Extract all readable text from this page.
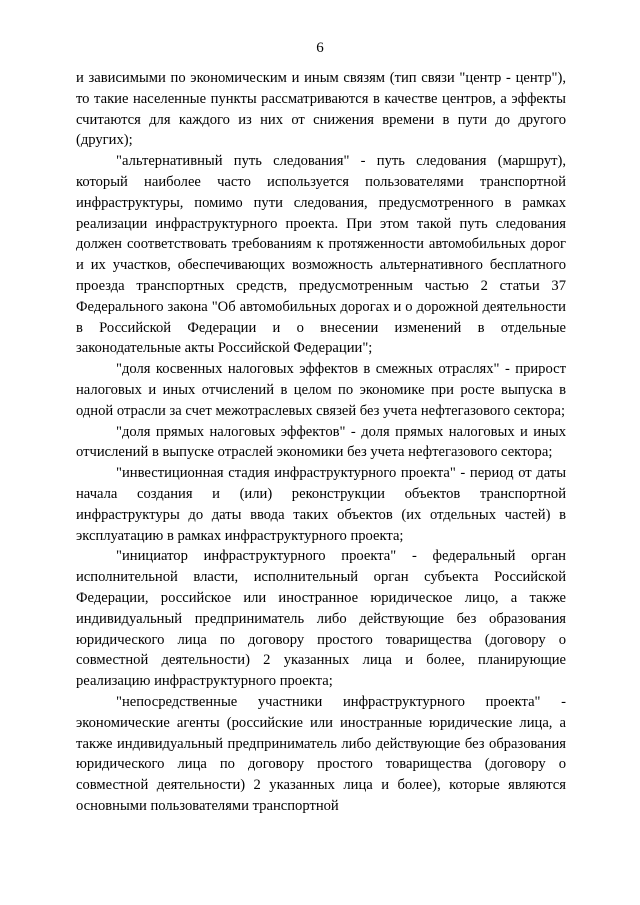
6

и зависимыми по экономическим и иным связям (тип связи "центр - центр"), то такие населенные пункты рассматриваются в качестве центров, а эффекты считаются для каждого из них от снижения времени в пути до другого (других);

"альтернативный путь следования" - путь следования (маршрут), который наиболее часто используется пользователями транспортной инфраструктуры, помимо пути следования, предусмотренного в рамках реализации инфраструктурного проекта. При этом такой путь следования должен соответствовать требованиям к протяженности автомобильных дорог и их участков, обеспечивающих возможность альтернативного бесплатного проезда транспортных средств, предусмотренным частью 2 статьи 37 Федерального закона "Об автомобильных дорогах и о дорожной деятельности в Российской Федерации и о внесении изменений в отдельные законодательные акты Российской Федерации";

"доля косвенных налоговых эффектов в смежных отраслях" - прирост налоговых и иных отчислений в целом по экономике при росте выпуска в одной отрасли за счет межотраслевых связей без учета нефтегазового сектора;

"доля прямых налоговых эффектов" - доля прямых налоговых и иных отчислений в выпуске отраслей экономики без учета нефтегазового сектора;

"инвестиционная стадия инфраструктурного проекта" - период от даты начала создания и (или) реконструкции объектов транспортной инфраструктуры до даты ввода таких объектов (их отдельных частей) в эксплуатацию в рамках инфраструктурного проекта;

"инициатор инфраструктурного проекта" - федеральный орган исполнительной власти, исполнительный орган субъекта Российской Федерации, российское или иностранное юридическое лицо, а также индивидуальный предприниматель либо действующие без образования юридического лица по договору простого товарищества (договору о совместной деятельности) 2 указанных лица и более, планирующие реализацию инфраструктурного проекта;

"непосредственные участники инфраструктурного проекта" - экономические агенты (российские или иностранные юридические лица, а также индивидуальный предприниматель либо действующие без образования юридического лица по договору простого товарищества (договору о совместной деятельности) 2 указанных лица и более), которые являются основными пользователями транспортной
